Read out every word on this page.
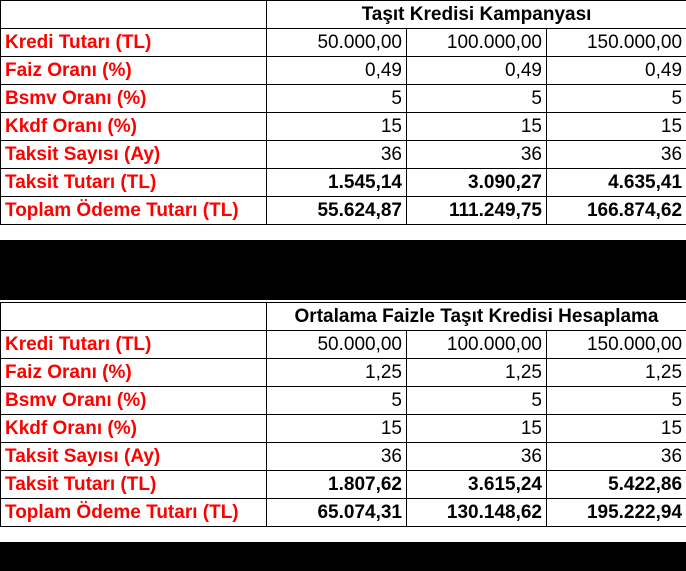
	Taşıt Kredisi Kampanyası		
Kredi Tutarı (TL)	50.000,00	100.000,00	150.000,00
Faiz Oranı (%)	0,49	0,49	0,49
Bsmv Oranı (%)	5	5	5
Kkdf Oranı (%)	15	15	15
Taksit Sayısı (Ay)	36	36	36
Taksit Tutarı (TL)	1.545,14	3.090,27	4.635,41
Toplam Ödeme Tutarı (TL)	55.624,87	111.249,75	166.874,62
	Ortalama Faizle Taşıt Kredisi Hesaplama		
Kredi Tutarı (TL)	50.000,00	100.000,00	150.000,00
Faiz Oranı (%)	1,25	1,25	1,25
Bsmv Oranı (%)	5	5	5
Kkdf Oranı (%)	15	15	15
Taksit Sayısı (Ay)	36	36	36
Taksit Tutarı (TL)	1.807,62	3.615,24	5.422,86
Toplam Ödeme Tutarı (TL)	65.074,31	130.148,62	195.222,94
